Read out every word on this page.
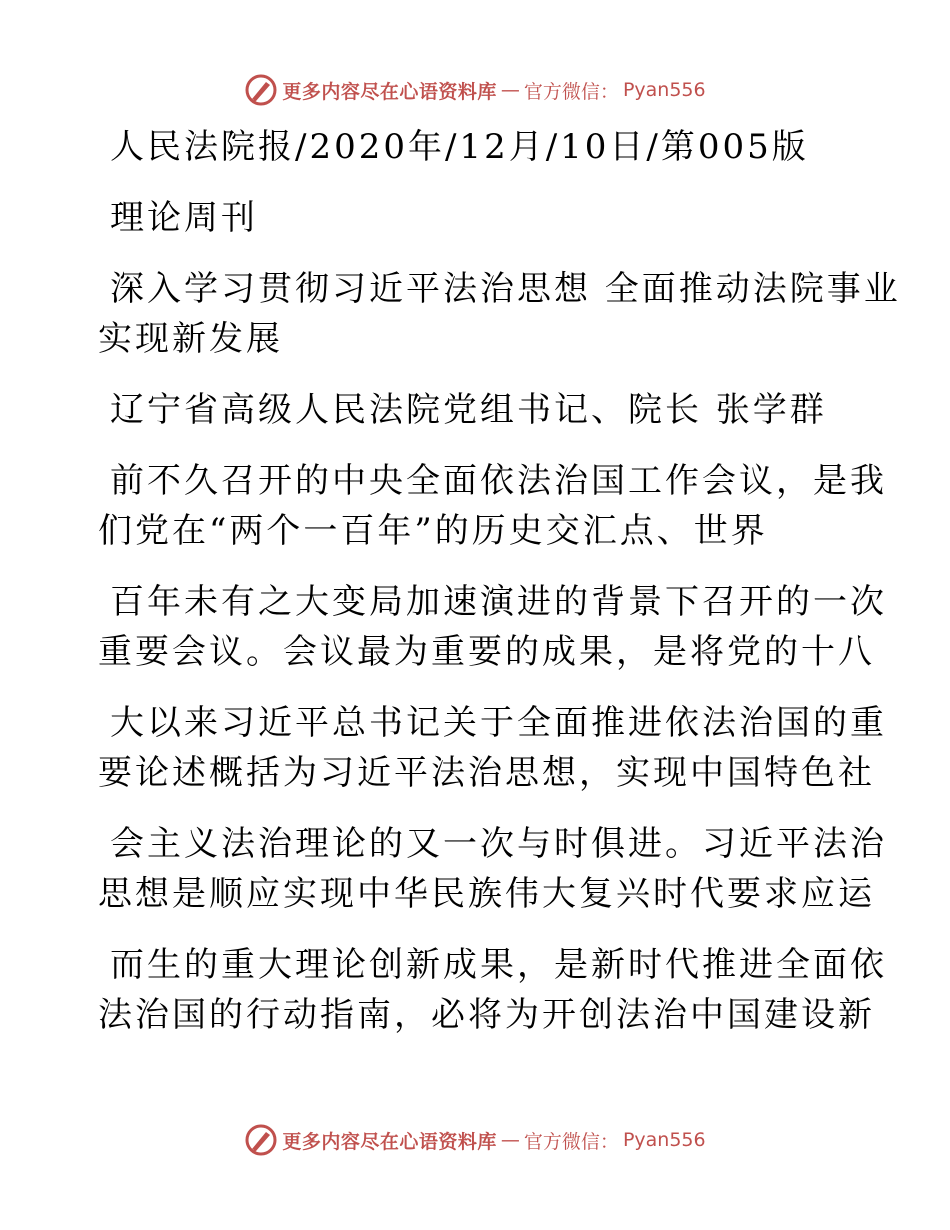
更多内容尽在心语资料库 — 官方微信： Pyan556
人民法院报/2020年/12月/10日/第005版
理论周刊
深入学习贯彻习近平法治思想 全面推动法院事业
实现新发展
辽宁省高级人民法院党组书记、院长 张学群
前不久召开的中央全面依法治国工作会议，是我
们党在“两个一百年”的历史交汇点、世界
百年未有之大变局加速演进的背景下召开的一次
重要会议。会议最为重要的成果，是将党的十八
大以来习近平总书记关于全面推进依法治国的重
要论述概括为习近平法治思想，实现中国特色社
会主义法治理论的又一次与时俱进。习近平法治
思想是顺应实现中华民族伟大复兴时代要求应运
而生的重大理论创新成果，是新时代推进全面依
法治国的行动指南，必将为开创法治中国建设新
更多内容尽在心语资料库 — 官方微信： Pyan556
